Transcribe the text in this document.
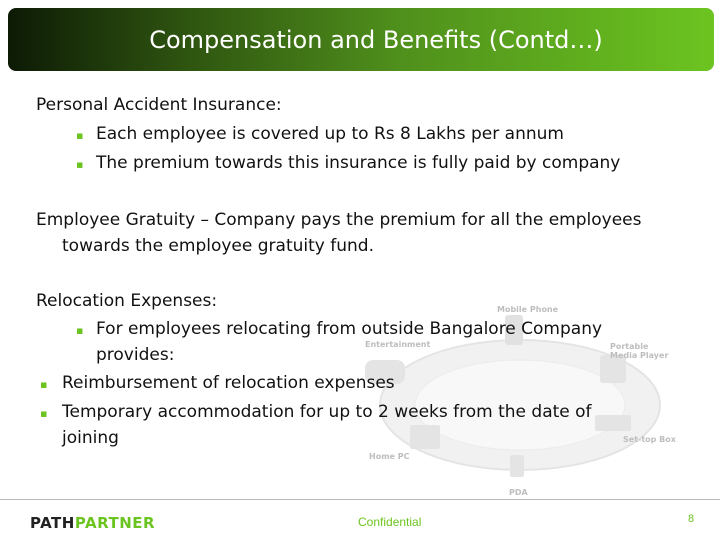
Compensation and Benefits (Contd…)
Mobile Phone
Entertainment	Portable Media Player
Set-top Box
Home PC
PDA
Personal Accident Insurance:
▪ Each employee is covered up to Rs 8 Lakhs per annum
▪ The premium towards this insurance is fully paid by company
Employee Gratuity – Company pays the premium for all the employees
towards the employee gratuity fund.
Relocation Expenses:
▪ For employees relocating from outside Bangalore Company
provides:
▪ Reimbursement of relocation expenses
▪ Temporary accommodation for up to 2 weeks from the date of
joining
PATHPARTNER	Confidential	8
